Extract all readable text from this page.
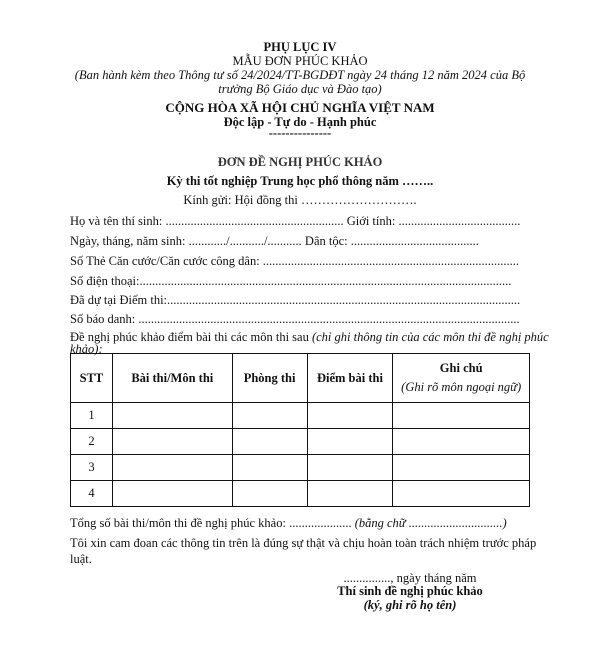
PHỤ LỤC IV
MẪU ĐƠN PHÚC KHẢO
(Ban hành kèm theo Thông tư số 24/2024/TT-BGDĐT ngày 24 tháng 12 năm 2024 của Bộ
trưởng Bộ Giáo dục và Đào tạo)
CỘNG HÒA XÃ HỘI CHỦ NGHĨA VIỆT NAM
Độc lập - Tự do - Hạnh phúc
---------------
ĐƠN ĐỀ NGHỊ PHÚC KHẢO
Kỳ thi tốt nghiệp Trung học phổ thông năm ……..
Kính gửi: Hội đồng thi ……………………….
Họ và tên thí sinh: ......................................................... Giới tính: .......................................
Ngày, tháng, năm sinh: ............/.........../........... Dân tộc: .........................................
Số Thẻ Căn cước/Căn cước công dân: ..................................................................................
Số điện thoại:.......................................................................................................................
Đã dự tại Điểm thi:.................................................................................................................
Số báo danh: ..........................................................................................................................
Đề nghị phúc khảo điểm bài thi các môn thi sau (chỉ ghi thông tin của các môn thi đề nghị phúc
khảo):
STT	Bài thi/Môn thi	Phòng thi	Điểm bài thi	Ghi chú
(Ghi rõ môn ngoại ngữ)

1				
2				
3				
4				
Tổng số bài thi/môn thi đề nghị phúc khảo: .................... (bằng chữ ..............................)
Tôi xin cam đoan các thông tin trên là đúng sự thật và chịu hoàn toàn trách nhiệm trước pháp
luật.
..............., ngày tháng năm
Thí sinh đề nghị phúc khảo
(ký, ghi rõ họ tên)
